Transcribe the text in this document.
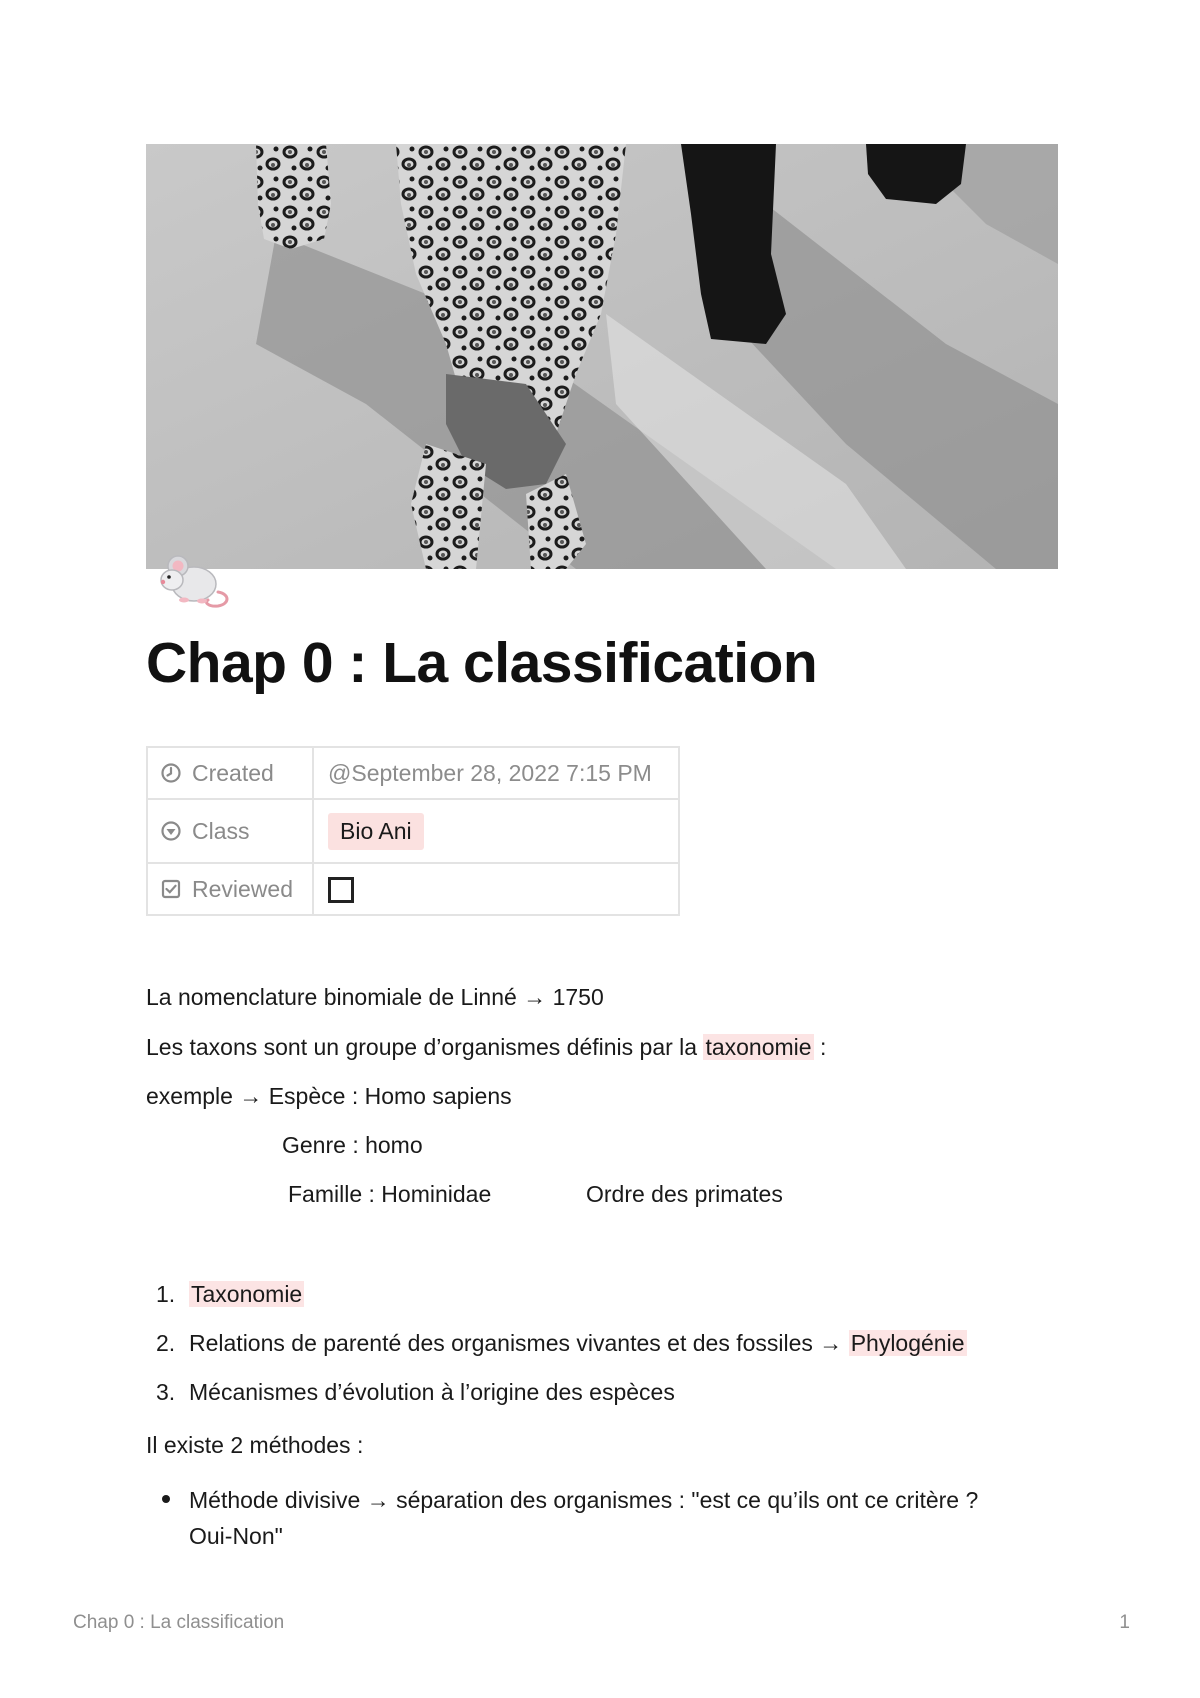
Chap 0 : La classification
Created	@September 28, 2022 7:15 PM

Class	Bio Ani

Reviewed	

La nomenclature binomiale de Linné → 1750

Les taxons sont un groupe d’organismes définis par la taxonomie :

exemple → Espèce : Homo sapiens

Genre : homo

Famille : Hominidae	Ordre des primates

1. Taxonomie
2. Relations de parenté des organismes vivantes et des fossiles → Phylogénie
3. Mécanismes d’évolution à l’origine des espèces

Il existe 2 méthodes :

Méthode divisive → séparation des organismes : "est ce qu’ils ont ce critère ?
Oui-Non"

Chap 0 : La classification	1
